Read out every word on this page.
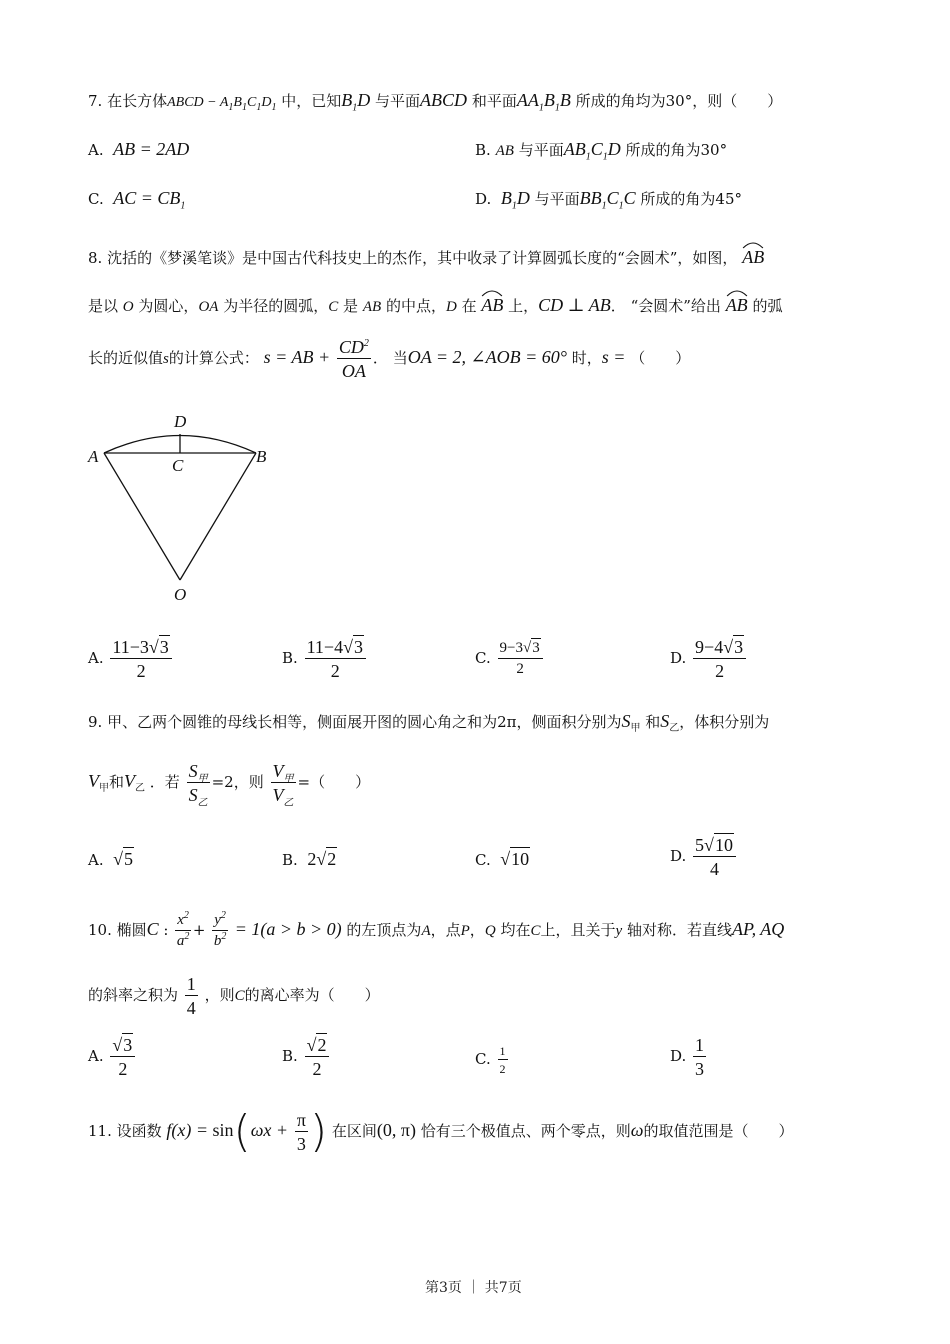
7. 在长方体ABCD − $A_1B_1C_1D_1$ 中，已知$B_1D$ 与平面ABCD 和平面$AA_1B_1B$ 所成的角均为30°，则（　　）
A. AB = 2AD	B. AB 与平面$AB_1C_1D$ 所成的角为30°
C. AC = $CB_1$	D. $B_1D$ 与平面$BB_1C_1C$ 所成的角为45°
8. 沈括的《梦溪笔谈》是中国古代科技史上的杰作，其中收录了计算圆弧长度的“会圆术”，如图， AB
是以 O 为圆心，OA 为半径的圆弧，C 是 AB 的中点，D 在 AB 上，CD ⊥ AB． “会圆术”给出 AB 的弧
长的近似值s的计算公式： s = AB + $\frac{CD^2}{OA}$ ． 当OA = 2, ∠AOB = 60° 时，s = （　　）
D
A	B
C
O
A. $\frac{11-3√3}{2}$	B. $\frac{11-4√3}{2}$	C. $\frac{9-3√3}{2}$	D. $\frac{9-4√3}{2}$
9. 甲、乙两个圆锥的母线长相等，侧面展开图的圆心角之和为2π，侧面积分别为$S_甲$ 和$S_乙$，体积分别为
$V_甲$和$V_乙$ ．若 $\frac{S_甲}{S_乙} =2$，则 $\frac{V_甲}{V_乙}$ =（　　）
A. √5	B. 2√2	C. √10	D. $\frac{5√10}{4}$
10. 椭圆C : $\frac{x^2}{a^2} + \frac{y^2}{b^2} = 1(a > b > 0)$ 的左顶点为A，点P，Q 均在C上，且关于y 轴对称．若直线AP, AQ
的斜率之积为 $\frac{1}{4}$ ，则C的离心率为（　　）
A. $\frac{√3}{2}$	B. $\frac{√2}{2}$	C. $\frac{1}{2}$	D. $\frac{1}{3}$
11. 设函数 $f(x) = \sin(\omega x + \frac{\pi}{3}$ ) 在区间(0, π) 恰有三个极值点、两个零点，则ω的取值范围是（　　）
第3页 ｜ 共7页
